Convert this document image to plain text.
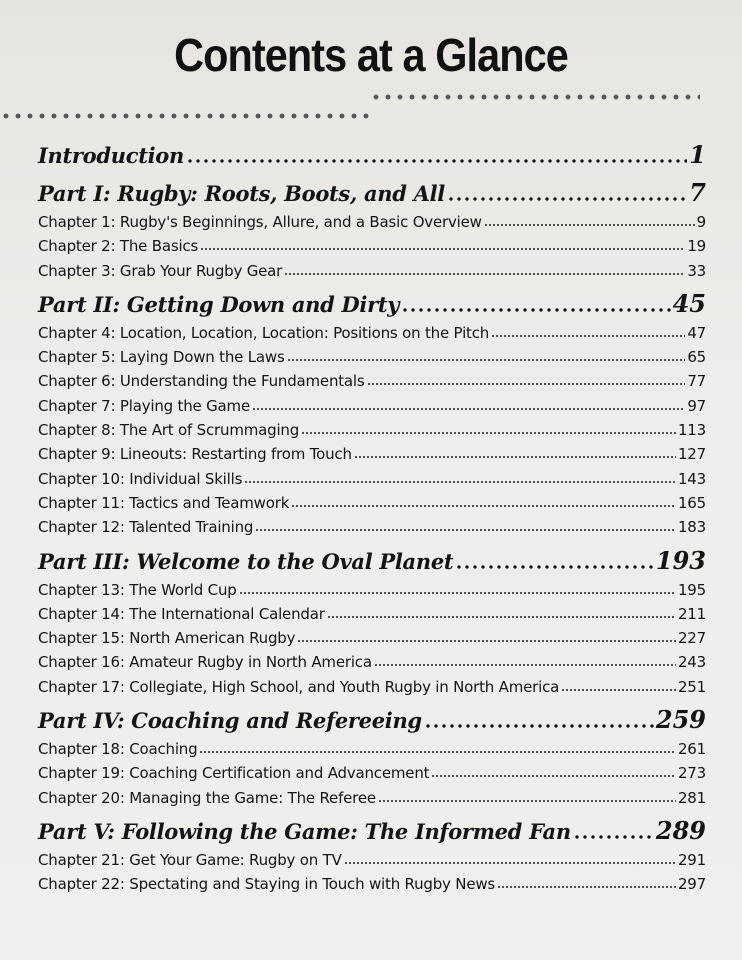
Contents at a Glance
Introduction	1
Part I: Rugby: Roots, Boots, and All	7
Chapter 1: Rugby's Beginnings, Allure, and a Basic Overview	9
Chapter 2: The Basics	19
Chapter 3: Grab Your Rugby Gear	33
Part II: Getting Down and Dirty	45
Chapter 4: Location, Location, Location: Positions on the Pitch	47
Chapter 5: Laying Down the Laws	65
Chapter 6: Understanding the Fundamentals	77
Chapter 7: Playing the Game	97
Chapter 8: The Art of Scrummaging	113
Chapter 9: Lineouts: Restarting from Touch	127
Chapter 10: Individual Skills	143
Chapter 11: Tactics and Teamwork	165
Chapter 12: Talented Training	183
Part III: Welcome to the Oval Planet	193
Chapter 13: The World Cup	195
Chapter 14: The International Calendar	211
Chapter 15: North American Rugby	227
Chapter 16: Amateur Rugby in North America	243
Chapter 17: Collegiate, High School, and Youth Rugby in North America	251
Part IV: Coaching and Refereeing	259
Chapter 18: Coaching	261
Chapter 19: Coaching Certification and Advancement	273
Chapter 20: Managing the Game: The Referee	281
Part V: Following the Game: The Informed Fan	289
Chapter 21: Get Your Game: Rugby on TV	291
Chapter 22: Spectating and Staying in Touch with Rugby News	297
